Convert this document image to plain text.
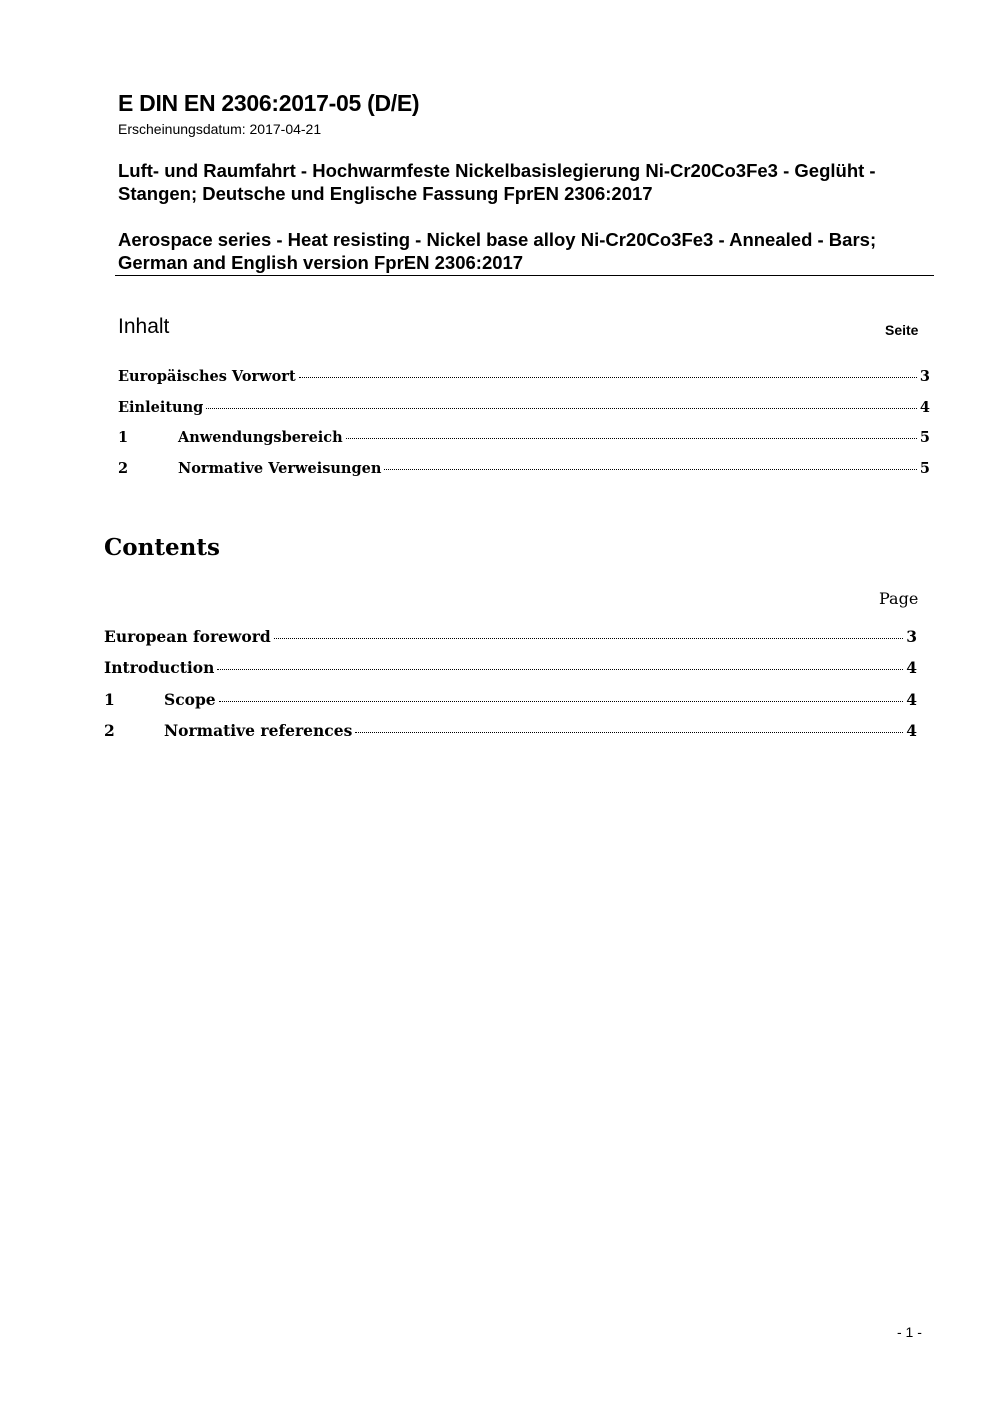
E DIN EN 2306:2017-05 (D/E)
Erscheinungsdatum: 2017-04-21
Luft- und Raumfahrt - Hochwarmfeste Nickelbasislegierung Ni-Cr20Co3Fe3 - Geglüht - Stangen; Deutsche und Englische Fassung FprEN 2306:2017
Aerospace series - Heat resisting - Nickel base alloy Ni-Cr20Co3Fe3 - Annealed - Bars; German and English version FprEN 2306:2017
Inhalt	Seite
Europäisches Vorwort	3
Einleitung	4
1	Anwendungsbereich	5
2	Normative Verweisungen	5
Contents
Page
European foreword	3
Introduction	4
1	Scope	4
2	Normative references	4
- 1 -
